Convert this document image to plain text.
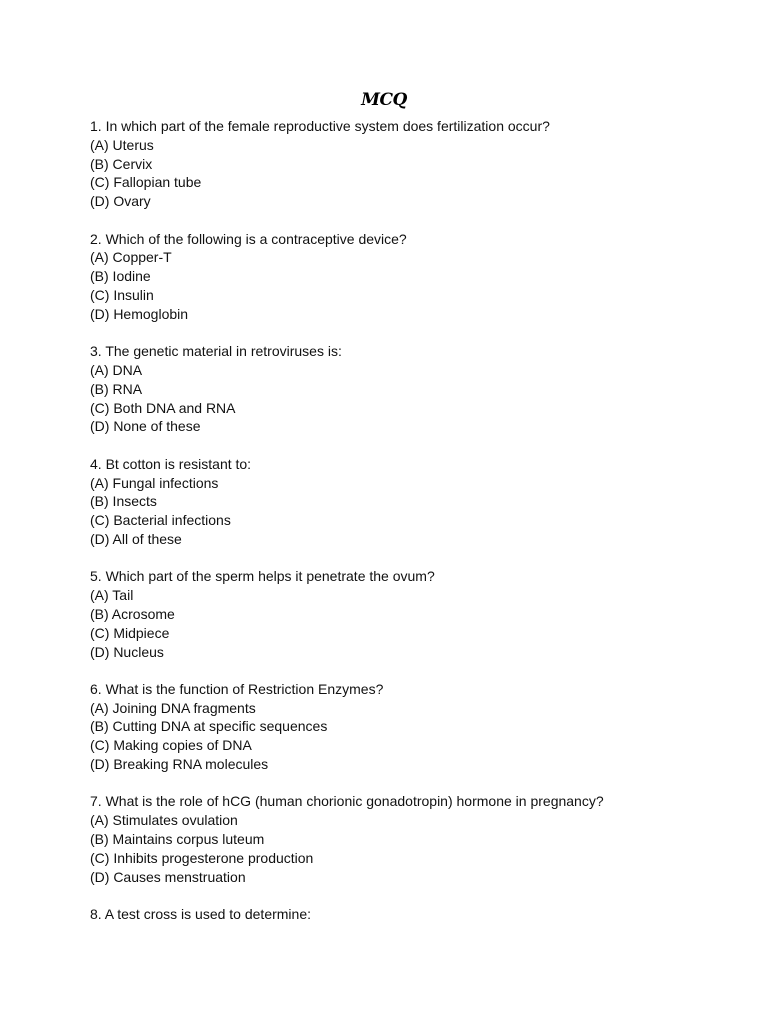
MCQ
1. In which part of the female reproductive system does fertilization occur?
(A) Uterus
(B) Cervix
(C) Fallopian tube
(D) Ovary
2. Which of the following is a contraceptive device?
(A) Copper-T
(B) Iodine
(C) Insulin
(D) Hemoglobin
3. The genetic material in retroviruses is:
(A) DNA
(B) RNA
(C) Both DNA and RNA
(D) None of these
4. Bt cotton is resistant to:
(A) Fungal infections
(B) Insects
(C) Bacterial infections
(D) All of these
5. Which part of the sperm helps it penetrate the ovum?
(A) Tail
(B) Acrosome
(C) Midpiece
(D) Nucleus
6. What is the function of Restriction Enzymes?
(A) Joining DNA fragments
(B) Cutting DNA at specific sequences
(C) Making copies of DNA
(D) Breaking RNA molecules
7. What is the role of hCG (human chorionic gonadotropin) hormone in pregnancy?
(A) Stimulates ovulation
(B) Maintains corpus luteum
(C) Inhibits progesterone production
(D) Causes menstruation
8. A test cross is used to determine:
